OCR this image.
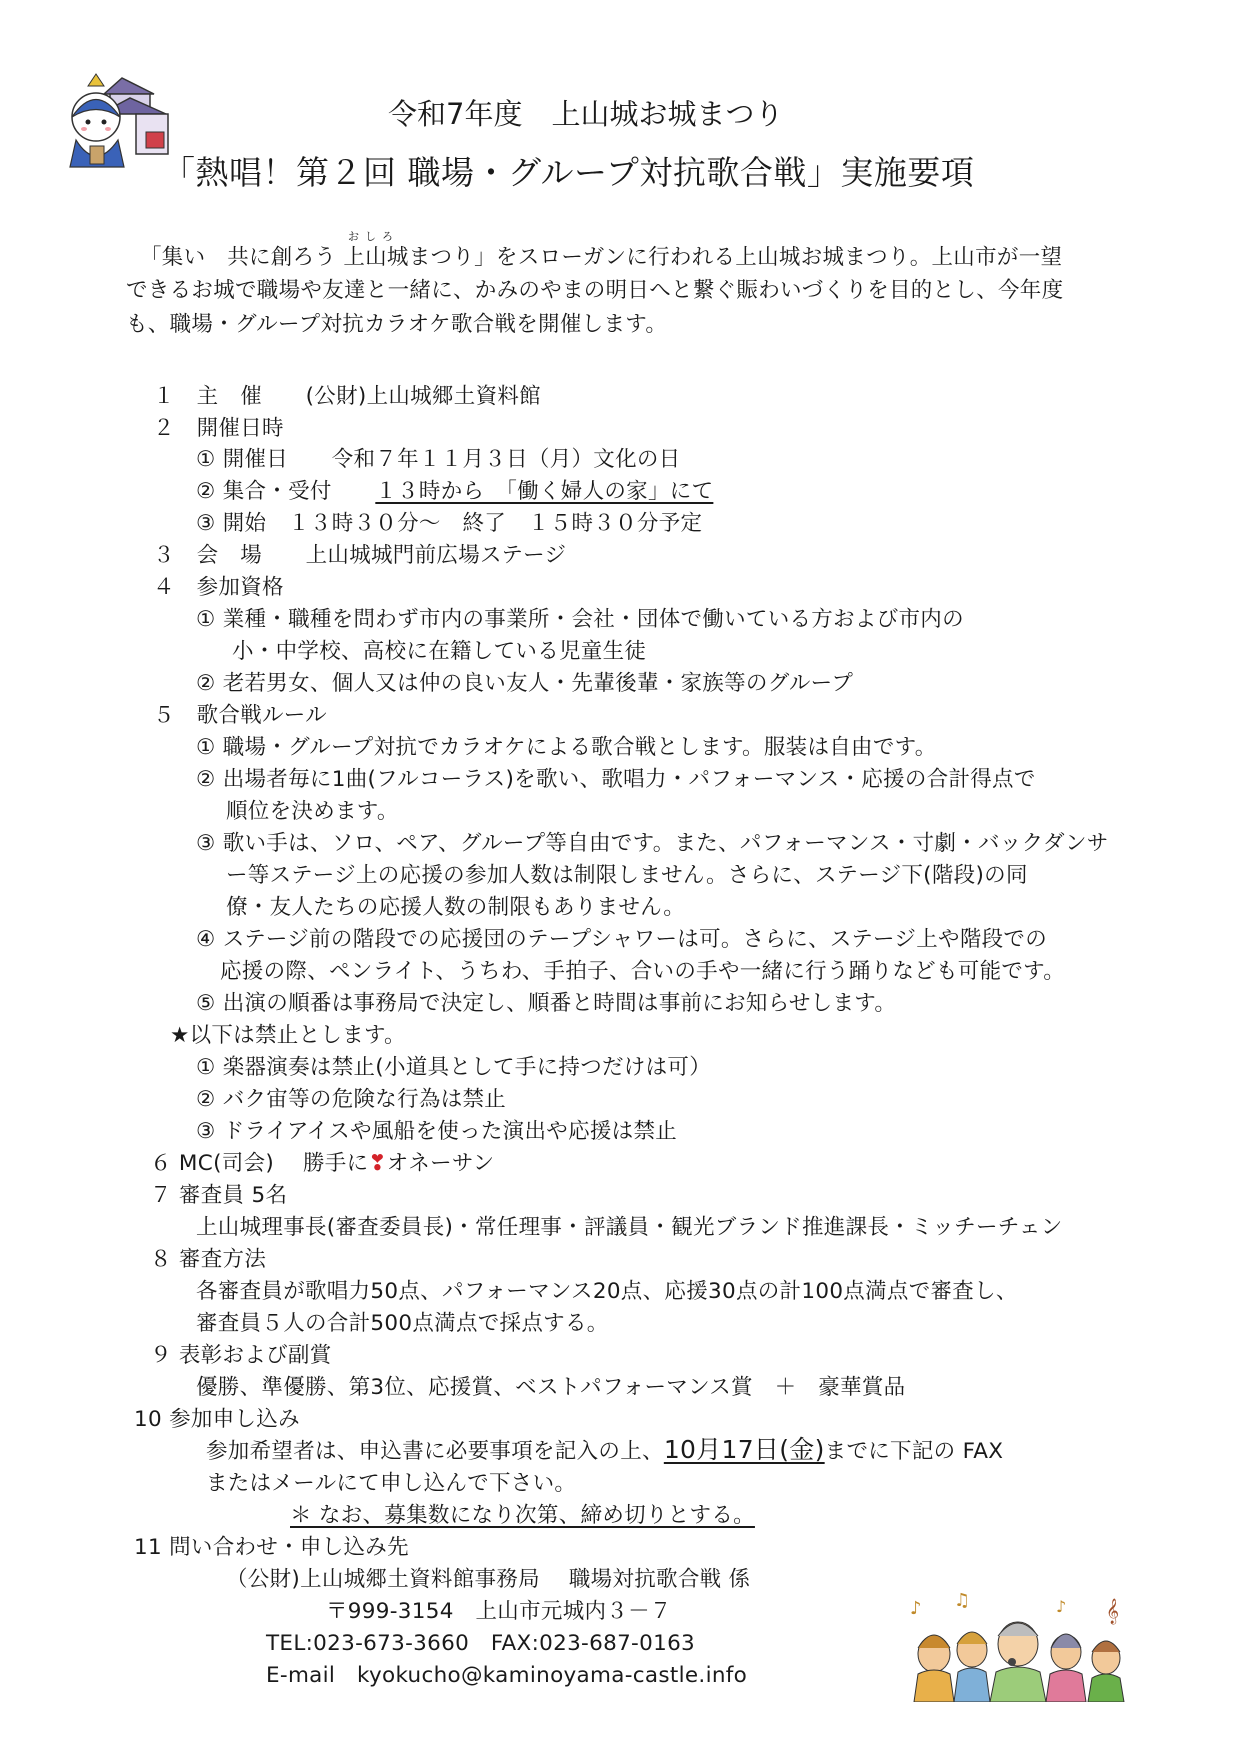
令和7年度　上山城お城まつり
「熱唱！第２回 職場・グループ対抗歌合戦」実施要項
おしろ
「集い　共に創ろう 上山城まつり」をスローガンに行われる上山城お城まつり。上山市が一望
できるお城で職場や友達と一緒に、かみのやまの明日へと繋ぐ賑わいづくりを目的とし、今年度
も、職場・グループ対抗カラオケ歌合戦を開催します。
１　主　催　　(公財)上山城郷土資料館
２　開催日時
① 開催日　　令和７年１１月３日（月）文化の日
② 集合・受付　　１３時から　「働く婦人の家」にて
③ 開始　１３時３０分～　終了　１５時３０分予定
３　会　場　　上山城城門前広場ステージ
４　参加資格
① 業種・職種を問わず市内の事業所・会社・団体で働いている方および市内の
小・中学校、高校に在籍している児童生徒
② 老若男女、個人又は仲の良い友人・先輩後輩・家族等のグループ
５　歌合戦ルール
① 職場・グループ対抗でカラオケによる歌合戦とします。服装は自由です。
② 出場者毎に1曲(フルコーラス)を歌い、歌唱力・パフォーマンス・応援の合計得点で
順位を決めます。
③ 歌い手は、ソロ、ペア、グループ等自由です。また、パフォーマンス・寸劇・バックダンサ
ー等ステージ上の応援の参加人数は制限しません。さらに、ステージ下(階段)の同
僚・友人たちの応援人数の制限もありません。
④ ステージ前の階段での応援団のテープシャワーは可。さらに、ステージ上や階段での
応援の際、ペンライト、うちわ、手拍子、合いの手や一緒に行う踊りなども可能です。
⑤ 出演の順番は事務局で決定し、順番と時間は事前にお知らせします。
★以下は禁止とします。
① 楽器演奏は禁止(小道具として手に持つだけは可）
② バク宙等の危険な行為は禁止
③ ドライアイスや風船を使った演出や応援は禁止
６ MC(司会)　 勝手に❣オネーサン
７ 審査員 5名
上山城理事長(審査委員長)・常任理事・評議員・観光ブランド推進課長・ミッチーチェン
８ 審査方法
各審査員が歌唱力50点、パフォーマンス20点、応援30点の計100点満点で審査し、
審査員５人の合計500点満点で採点する。
９ 表彰および副賞
優勝、準優勝、第3位、応援賞、ベストパフォーマンス賞　＋　豪華賞品
10 参加申し込み
参加希望者は、申込書に必要事項を記入の上、10月17日(金)までに下記の FAX
またはメールにて申し込んで下さい。
＊ なお、募集数になり次第、締め切りとする。
11 問い合わせ・申し込み先
（公財)上山城郷土資料館事務局　 職場対抗歌合戦 係
〒999-3154　上山市元城内３－７
TEL:023-673-3660　FAX:023-687-0163
E-mail　kyokucho@kaminoyama-castle.info
♪ ♫	♪ 𝄞
